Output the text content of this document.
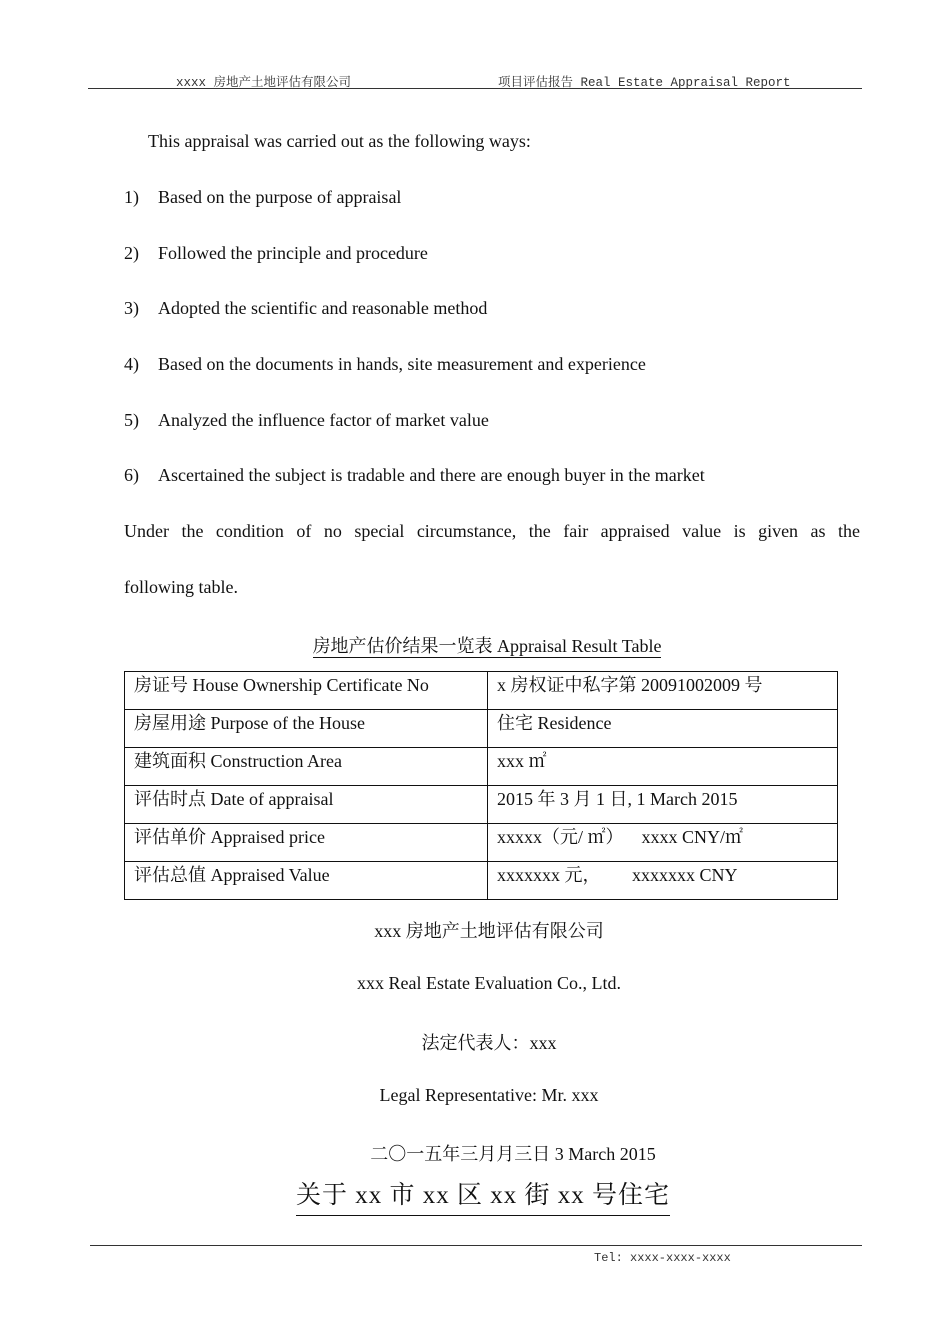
xxxx 房地产土地评估有限公司	项目评估报告 Real Estate Appraisal Report
This appraisal was carried out as the following ways:
1) Based on the purpose of appraisal
2) Followed the principle and procedure
3) Adopted the scientific and reasonable method
4) Based on the documents in hands, site measurement and experience
5) Analyzed the influence factor of market value
6) Ascertained the subject is tradable and there are enough buyer in the market
Under the condition of no special circumstance, the fair appraised value is given as the
following table.
房地产估价结果一览表 Appraisal Result Table
房证号 House Ownership Certificate No	x 房权证中私字第 20091002009 号
房屋用途 Purpose of the House	住宅 Residence
建筑面积 Construction Area	xxx ㎡
评估时点 Date of appraisal	2015 年 3 月 1 日, 1 March 2015
评估单价 Appraised price	xxxxx（元/ ㎡）    xxxx CNY/㎡
评估总值 Appraised Value	xxxxxxx 元，       xxxxxxx CNY
xxx 房地产土地评估有限公司
xxx Real Estate Evaluation Co., Ltd.
法定代表人：xxx
Legal Representative: Mr. xxx
二〇一五年三月月三日 3 March 2015
关于 xx 市 xx 区 xx 街 xx 号住宅
Tel: xxxx-xxxx-xxxx
